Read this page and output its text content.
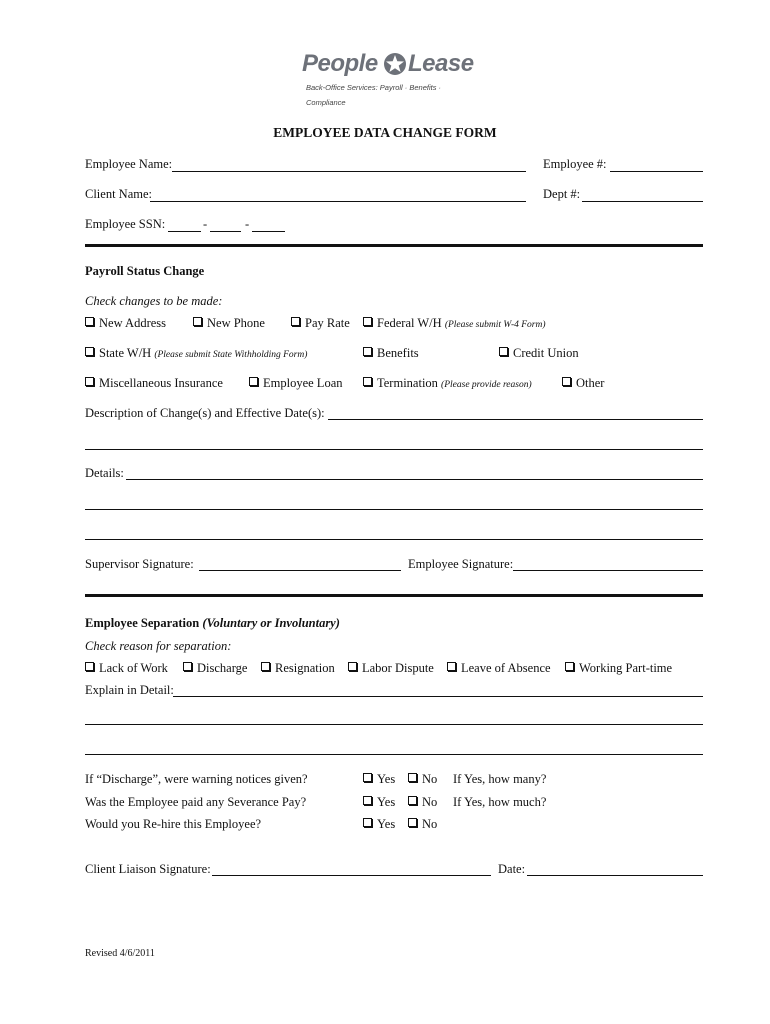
People Lease
Back-Office Services: Payroll · Benefits · Compliance
EMPLOYEE DATA CHANGE FORM
Employee Name:	Employee #:
Client Name:	Dept #:
Employee SSN:	-	-
Payroll Status Change
Check changes to be made:
New Address	New Phone	Pay Rate	Federal W/H (Please submit W-4 Form)
State W/H (Please submit State Withholding Form)	Benefits	Credit Union
Miscellaneous Insurance	Employee Loan	Termination (Please provide reason)	Other
Description of Change(s) and Effective Date(s):
Details:
Supervisor Signature:	Employee Signature:
Employee Separation (Voluntary or Involuntary)
Check reason for separation:
Lack of Work	Discharge	Resignation	Labor Dispute	Leave of Absence	Working Part-time
Explain in Detail:
If “Discharge”, were warning notices given?	Yes	No If Yes, how many?
Was the Employee paid any Severance Pay?	Yes	No If Yes, how much?
Would you Re-hire this Employee?	Yes	No
Client Liaison Signature:	Date:
Revised 4/6/2011
